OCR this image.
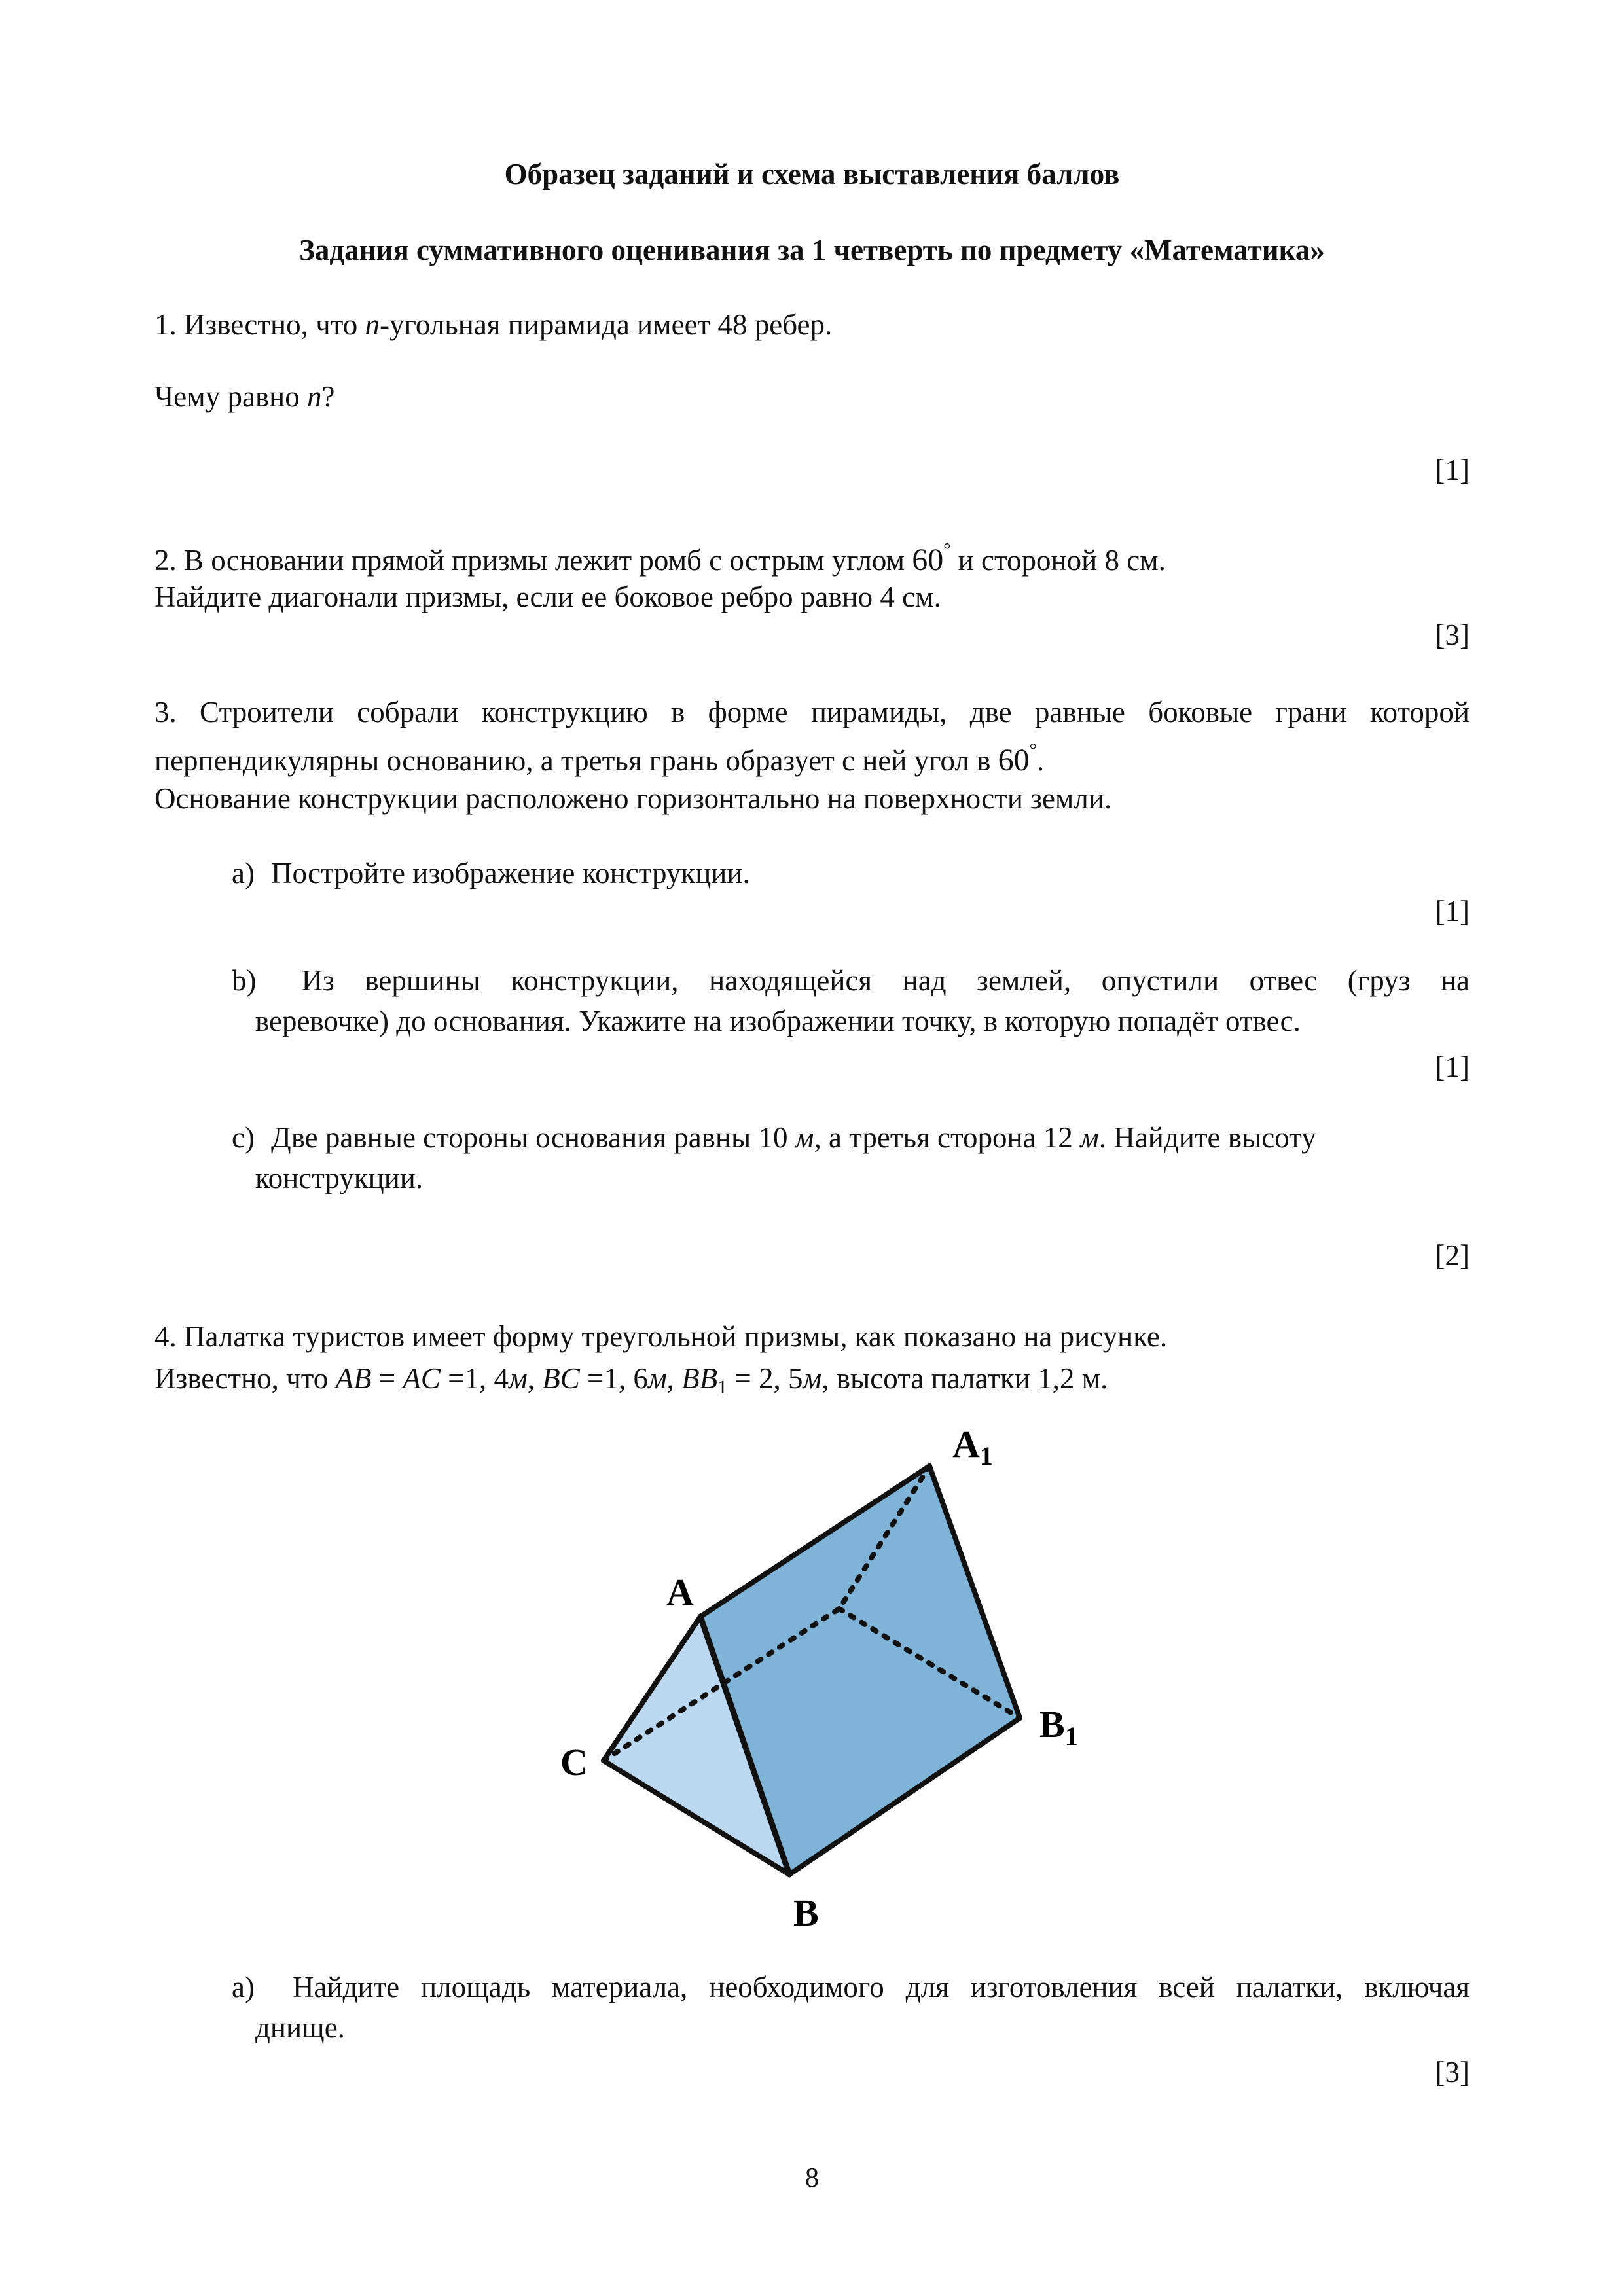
Образец заданий и схема выставления баллов
Задания суммативного оценивания за 1 четверть по предмету «Математика»
1. Известно, что n-угольная пирамида имеет 48 ребер.
Чему равно n?
[1]
2. В основании прямой призмы лежит ромб с острым углом 60° и стороной 8 см.
Найдите диагонали призмы, если ее боковое ребро равно 4 см.
[3]
3. Строители собрали конструкцию в форме пирамиды, две равные боковые грани которой
перпендикулярны основанию, а третья грань образует с ней угол в 60°.
Основание конструкции расположено горизонтально на поверхности земли.
a) Постройте изображение конструкции.
[1]
b) Из вершины конструкции, находящейся над землей, опустили отвес (груз на
веревочке) до основания. Укажите на изображении точку, в которую попадёт отвес.
[1]
c) Две равные стороны основания равны 10 м, а третья сторона 12 м. Найдите высоту
конструкции.
[2]
4. Палатка туристов имеет форму треугольной призмы, как показано на рисунке.
Известно, что AB = AC =1, 4м, BC =1, 6м, $BB_1 = 2$, 5м, высота палатки 1,2 м.
$A_1$
A
$B_1$
C
B
a) Найдите площадь материала, необходимого для изготовления всей палатки, включая
днище.
[3]
8
